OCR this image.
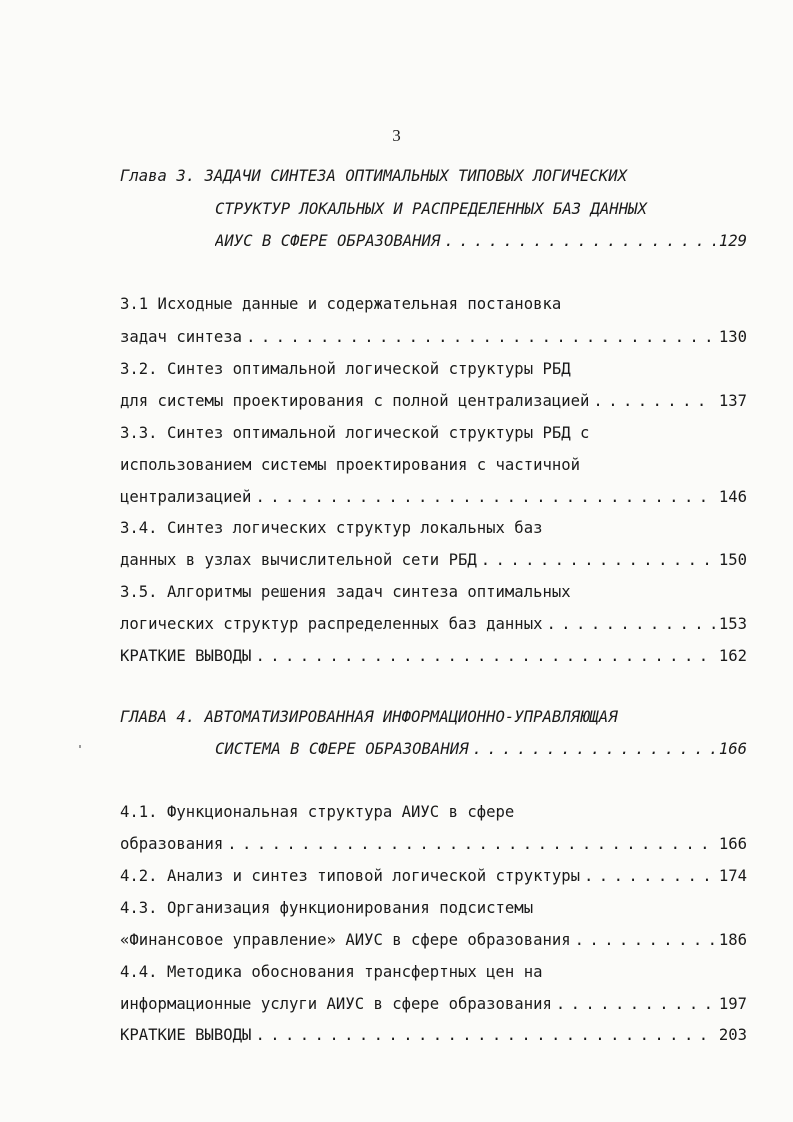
3
Глава 3. ЗАДАЧИ СИНТЕЗА ОПТИМАЛЬНЫХ ТИПОВЫХ ЛОГИЧЕСКИХ
СТРУКТУР ЛОКАЛЬНЫХ И РАСПРЕДЕЛЕННЫХ БАЗ ДАННЫХ
АИУС В СФЕРЕ ОБРАЗОВАНИЯ . . .	129
3.1 Исходные данные и содержательная постановка
задач синтеза . . .	130
3.2. Синтез оптимальной логической структуры РБД
для системы проектирования с полной централизацией . . .	137
3.3. Синтез оптимальной логической структуры РБД с
использованием системы проектирования с частичной
централизацией . . .	146
3.4. Синтез логических структур локальных баз
данных в узлах вычислительной сети РБД . . .	150
3.5. Алгоритмы решения задач синтеза оптимальных
логических структур распределенных баз данных . . .	153
КРАТКИЕ ВЫВОДЫ . . .	162
ГЛАВА 4. АВТОМАТИЗИРОВАННАЯ ИНФОРМАЦИОННО-УПРАВЛЯЮЩАЯ
СИСТЕМА В СФЕРЕ ОБРАЗОВАНИЯ . . .	166
4.1. Функциональная структура АИУС в сфере
образования . . .	166
4.2. Анализ и синтез типовой логической структуры . . .	174
4.3. Организация функционирования подсистемы
«Финансовое управление» АИУС в сфере образования . . .	186
4.4. Методика обоснования трансфертных цен на
информационные услуги АИУС в сфере образования . . .	197
КРАТКИЕ ВЫВОДЫ . . .	203
